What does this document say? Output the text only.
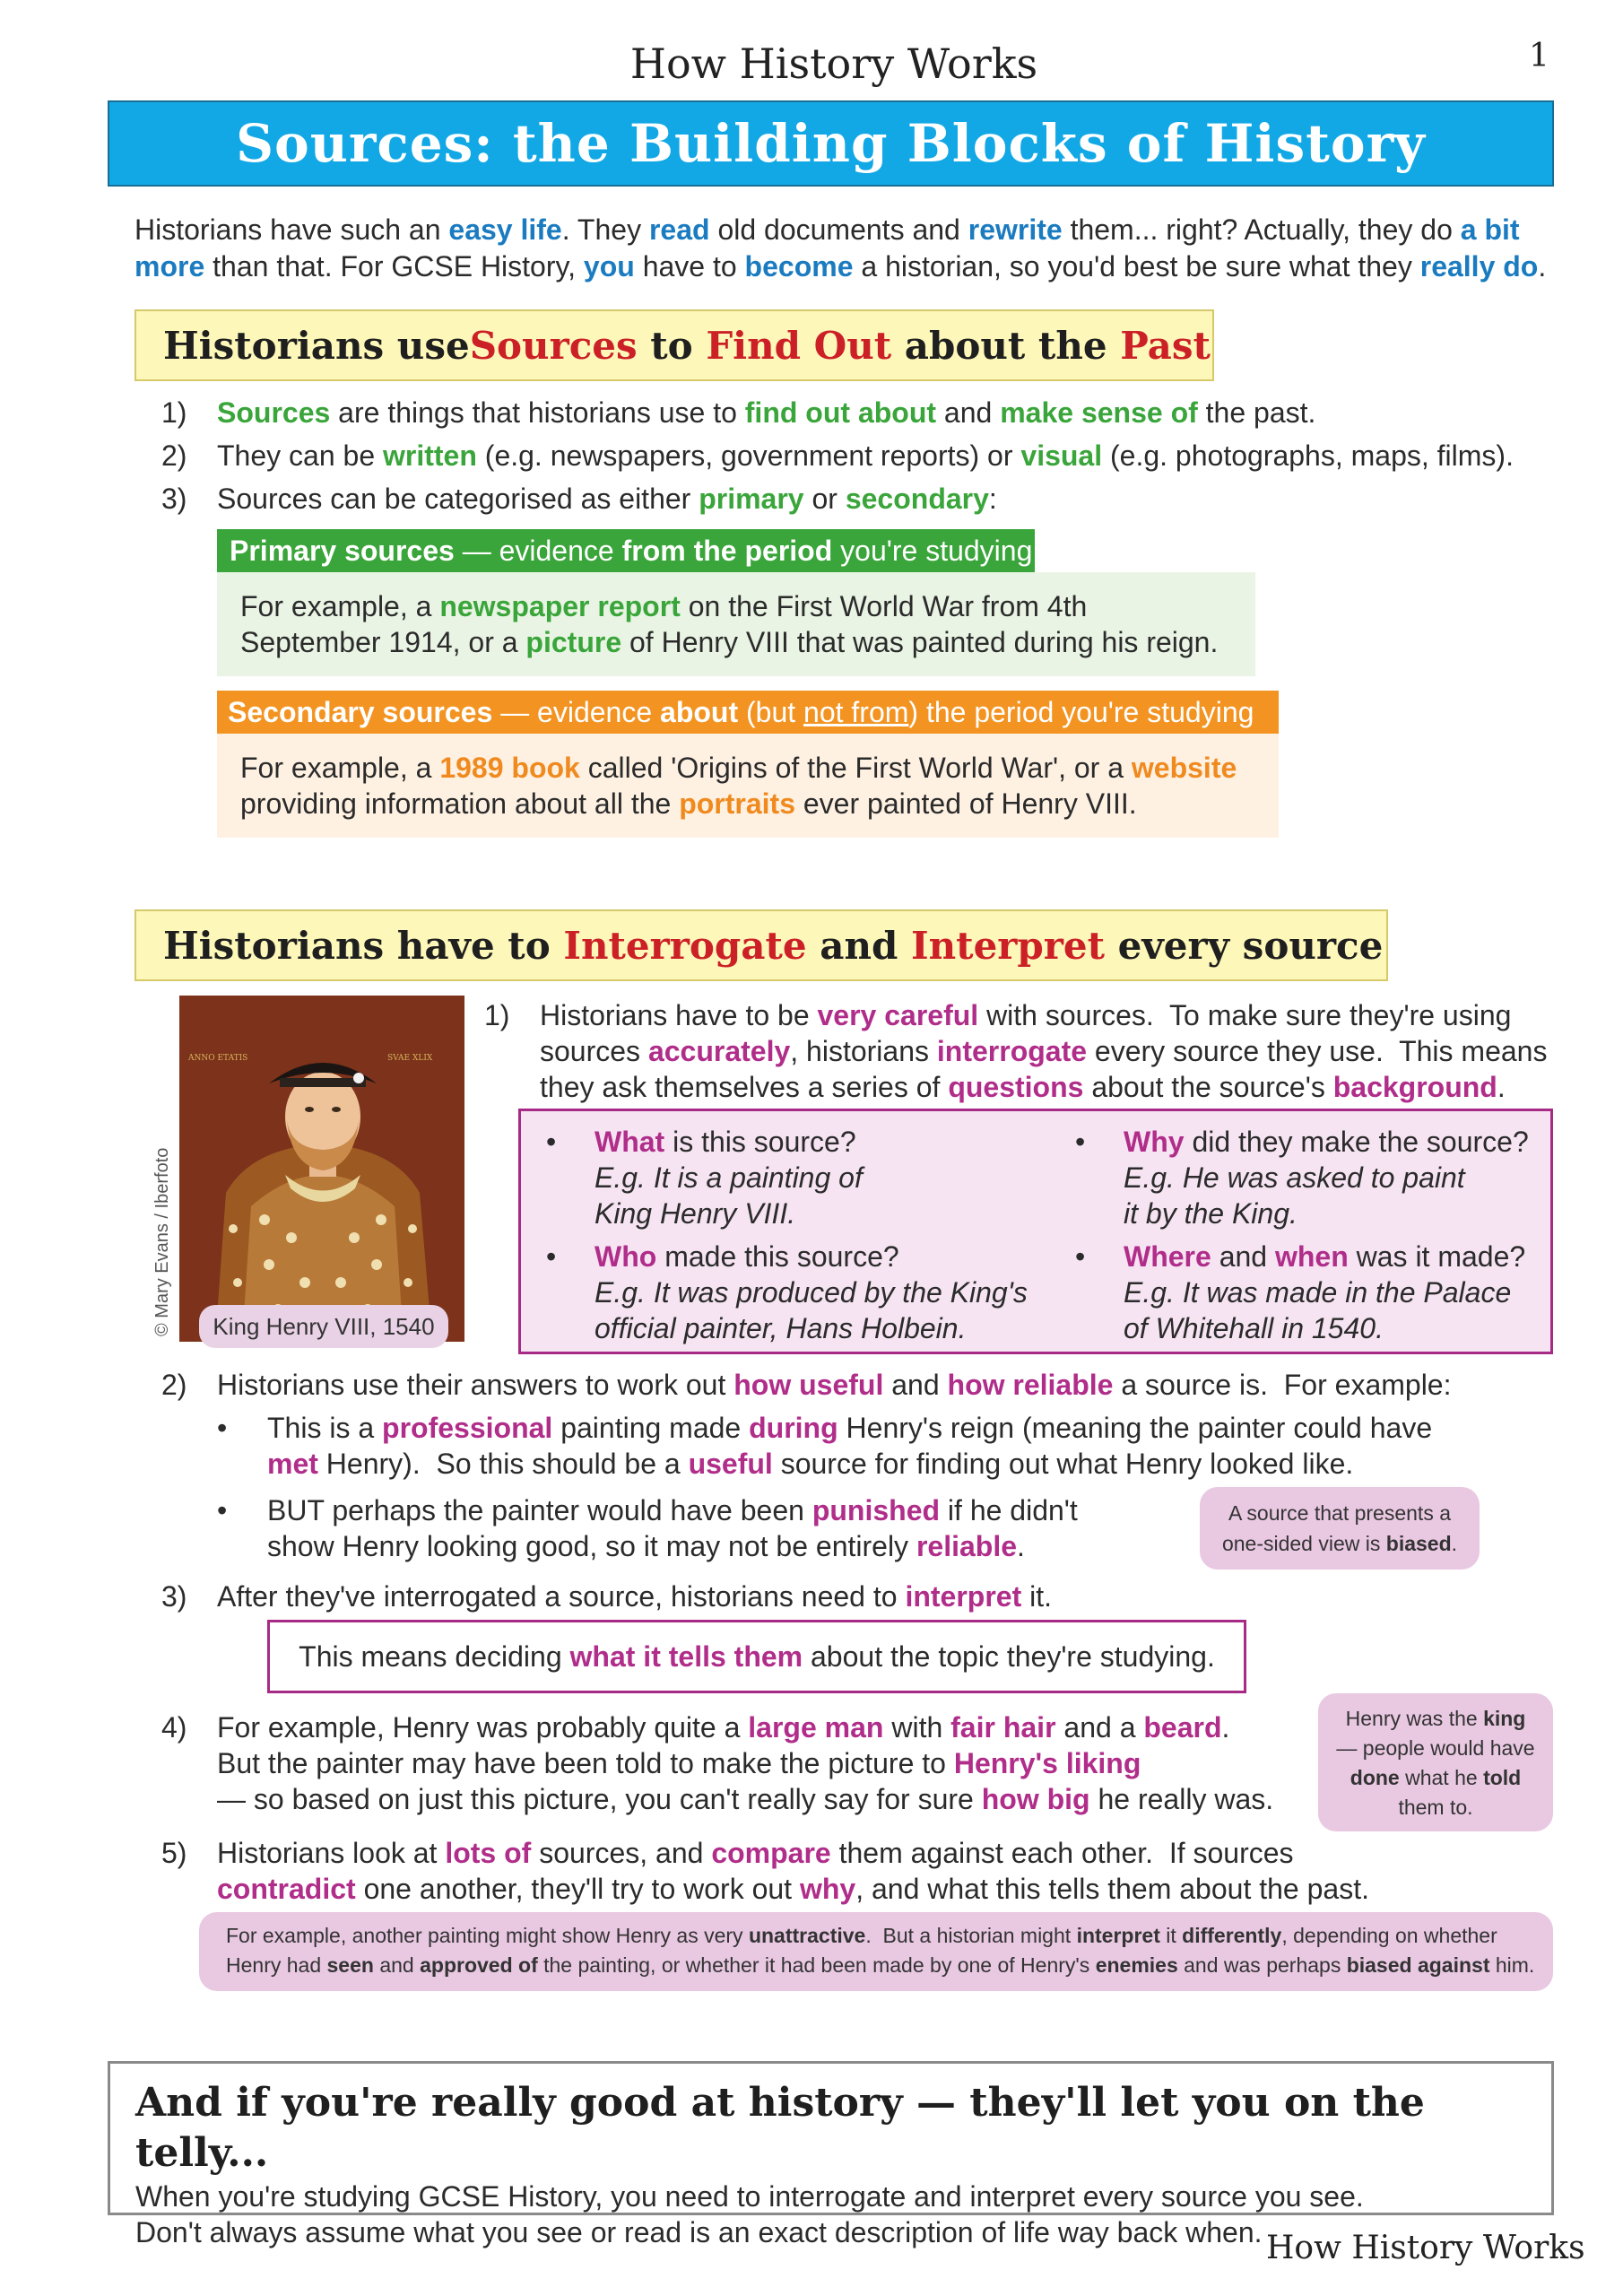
How History Works	1
Sources: the Building Blocks of History
Historians have such an easy life. They read old documents and rewrite them... right? Actually, they do a bit more than that. For GCSE History, you have to become a historian, so you'd best be sure what they really do.
Historians use Sources to Find Out about the Past
1) Sources are things that historians use to find out about and make sense of the past.
2) They can be written (e.g. newspapers, government reports) or visual (e.g. photographs, maps, films).
3) Sources can be categorised as either primary or secondary:
Primary sources — evidence from the period you're studying
For example, a newspaper report on the First World War from 4th
September 1914, or a picture of Henry VIII that was painted during his reign.
Secondary sources — evidence about (but not from ) the period you're studying
For example, a 1989 book called 'Origins of the First World War', or a website
providing information about all the portraits ever painted of Henry VIII.
Historians have to Interrogate and Interpret every source
ANNO ETATIS	SVAE XLIX
© Mary Evans / Iberfoto	King Henry VIII, 1540
1) Historians have to be very careful with sources.  To make sure they're using
sources accurately, historians interrogate every source they use.  This means
they ask themselves a series of questions about the source's background.
• What is this source?
E.g. It is a painting of
King Henry VIII.
• Who made this source?
E.g. It was produced by the King's
official painter, Hans Holbein.
• Why did they make the source?
E.g. He was asked to paint
it by the King.
• Where and when was it made?
E.g. It was made in the Palace
of Whitehall in 1540.
2) Historians use their answers to work out how useful and how reliable a source is.  For example:
• This is a professional painting made during Henry's reign (meaning the painter could have
met Henry).  So this should be a useful source for finding out what Henry looked like.
• BUT perhaps the painter would have been punished if he didn't
show Henry looking good, so it may not be entirely reliable.
A source that presents a
one-sided view is biased.
3) After they've interrogated a source, historians need to interpret it.
This means deciding what it tells them about the topic they're studying.
4) For example, Henry was probably quite a large man with fair hair and a beard.
But the painter may have been told to make the picture to Henry's liking
— so based on just this picture, you can't really say for sure how big he really was.
Henry was the king
— people would have
done what he told
them to.
5) Historians look at lots of sources, and compare them against each other.  If sources
contradict one another, they'll try to work out why, and what this tells them about the past.
For example, another painting might show Henry as very unattractive.  But a historian might interpret it differently, depending on whether
Henry had seen and approved of the painting, or whether it had been made by one of Henry's enemies and was perhaps biased against him.
And if you're really good at history — they'll let you on the telly...
When you're studying GCSE History, you need to interrogate and interpret every source you see.
Don't always assume what you see or read is an exact description of life way back when. How History Works
